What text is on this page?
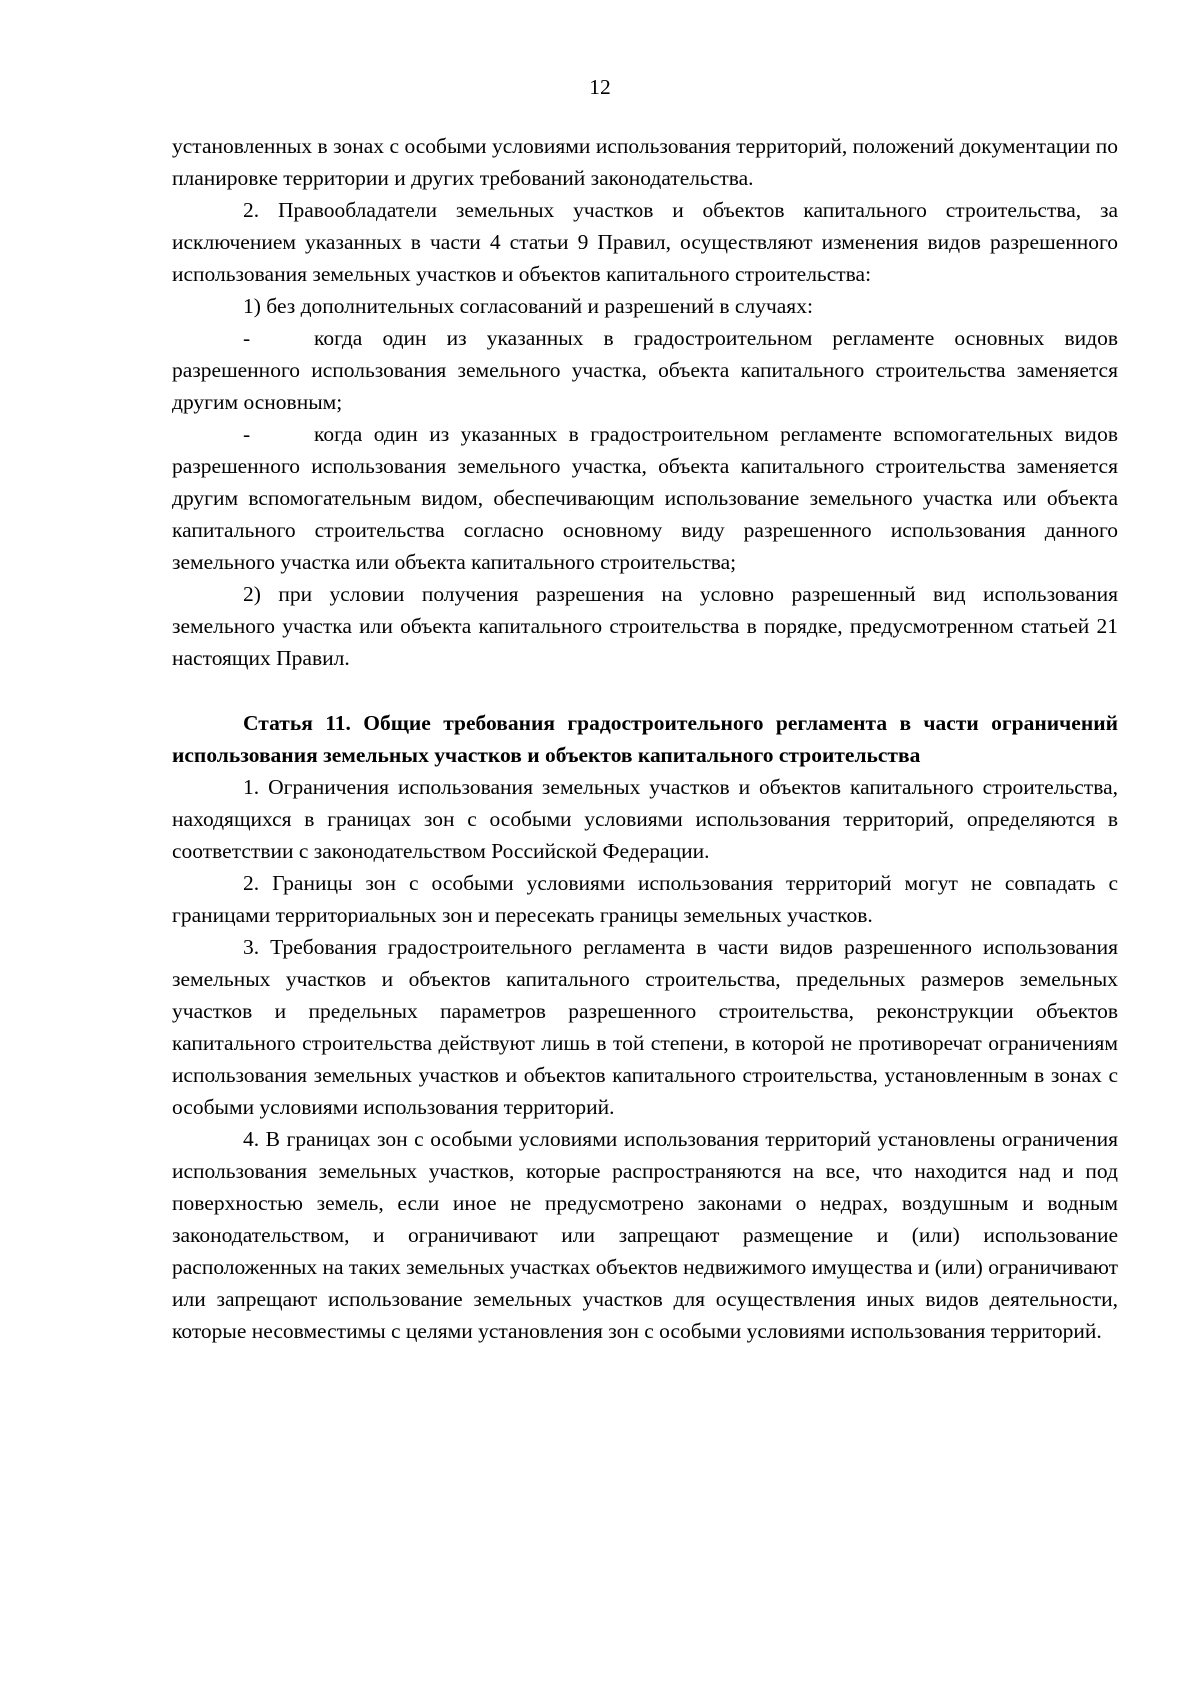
12

установленных в зонах с особыми условиями использования территорий, положений документации по планировке территории и других требований законодательства.

2. Правообладатели земельных участков и объектов капитального строительства, за исключением указанных в части 4 статьи 9 Правил, осуществляют изменения видов разрешенного использования земельных участков и объектов капитального строительства:

1) без дополнительных согласований и разрешений в случаях:

-	когда один из указанных в градостроительном регламенте основных видов разрешенного использования земельного участка, объекта капитального строительства заменяется другим основным;

-	когда один из указанных в градостроительном регламенте вспомогательных видов разрешенного использования земельного участка, объекта капитального строительства заменяется другим вспомогательным видом, обеспечивающим использование земельного участка или объекта капитального строительства согласно основному виду разрешенного использования данного земельного участка или объекта капитального строительства;

2) при условии получения разрешения на условно разрешенный вид использования земельного участка или объекта капитального строительства в порядке, предусмотренном статьей 21 настоящих Правил.

Статья 11. Общие требования градостроительного регламента в части ограничений использования земельных участков и объектов капитального строительства

1. Ограничения использования земельных участков и объектов капитального строительства, находящихся в границах зон с особыми условиями использования территорий, определяются в соответствии с законодательством Российской Федерации.

2. Границы зон с особыми условиями использования территорий могут не совпадать с границами территориальных зон и пересекать границы земельных участков.

3. Требования градостроительного регламента в части видов разрешенного использования земельных участков и объектов капитального строительства, предельных размеров земельных участков и предельных параметров разрешенного строительства, реконструкции объектов капитального строительства действуют лишь в той степени, в которой не противоречат ограничениям использования земельных участков и объектов капитального строительства, установленным в зонах с особыми условиями использования территорий.

4. В границах зон с особыми условиями использования территорий установлены ограничения использования земельных участков, которые распространяются на все, что находится над и под поверхностью земель, если иное не предусмотрено законами о недрах, воздушным и водным законодательством, и ограничивают или запрещают размещение и (или) использование расположенных на таких земельных участках объектов недвижимого имущества и (или) ограничивают или запрещают использование земельных участков для осуществления иных видов деятельности, которые несовместимы с целями установления зон с особыми условиями использования территорий.
